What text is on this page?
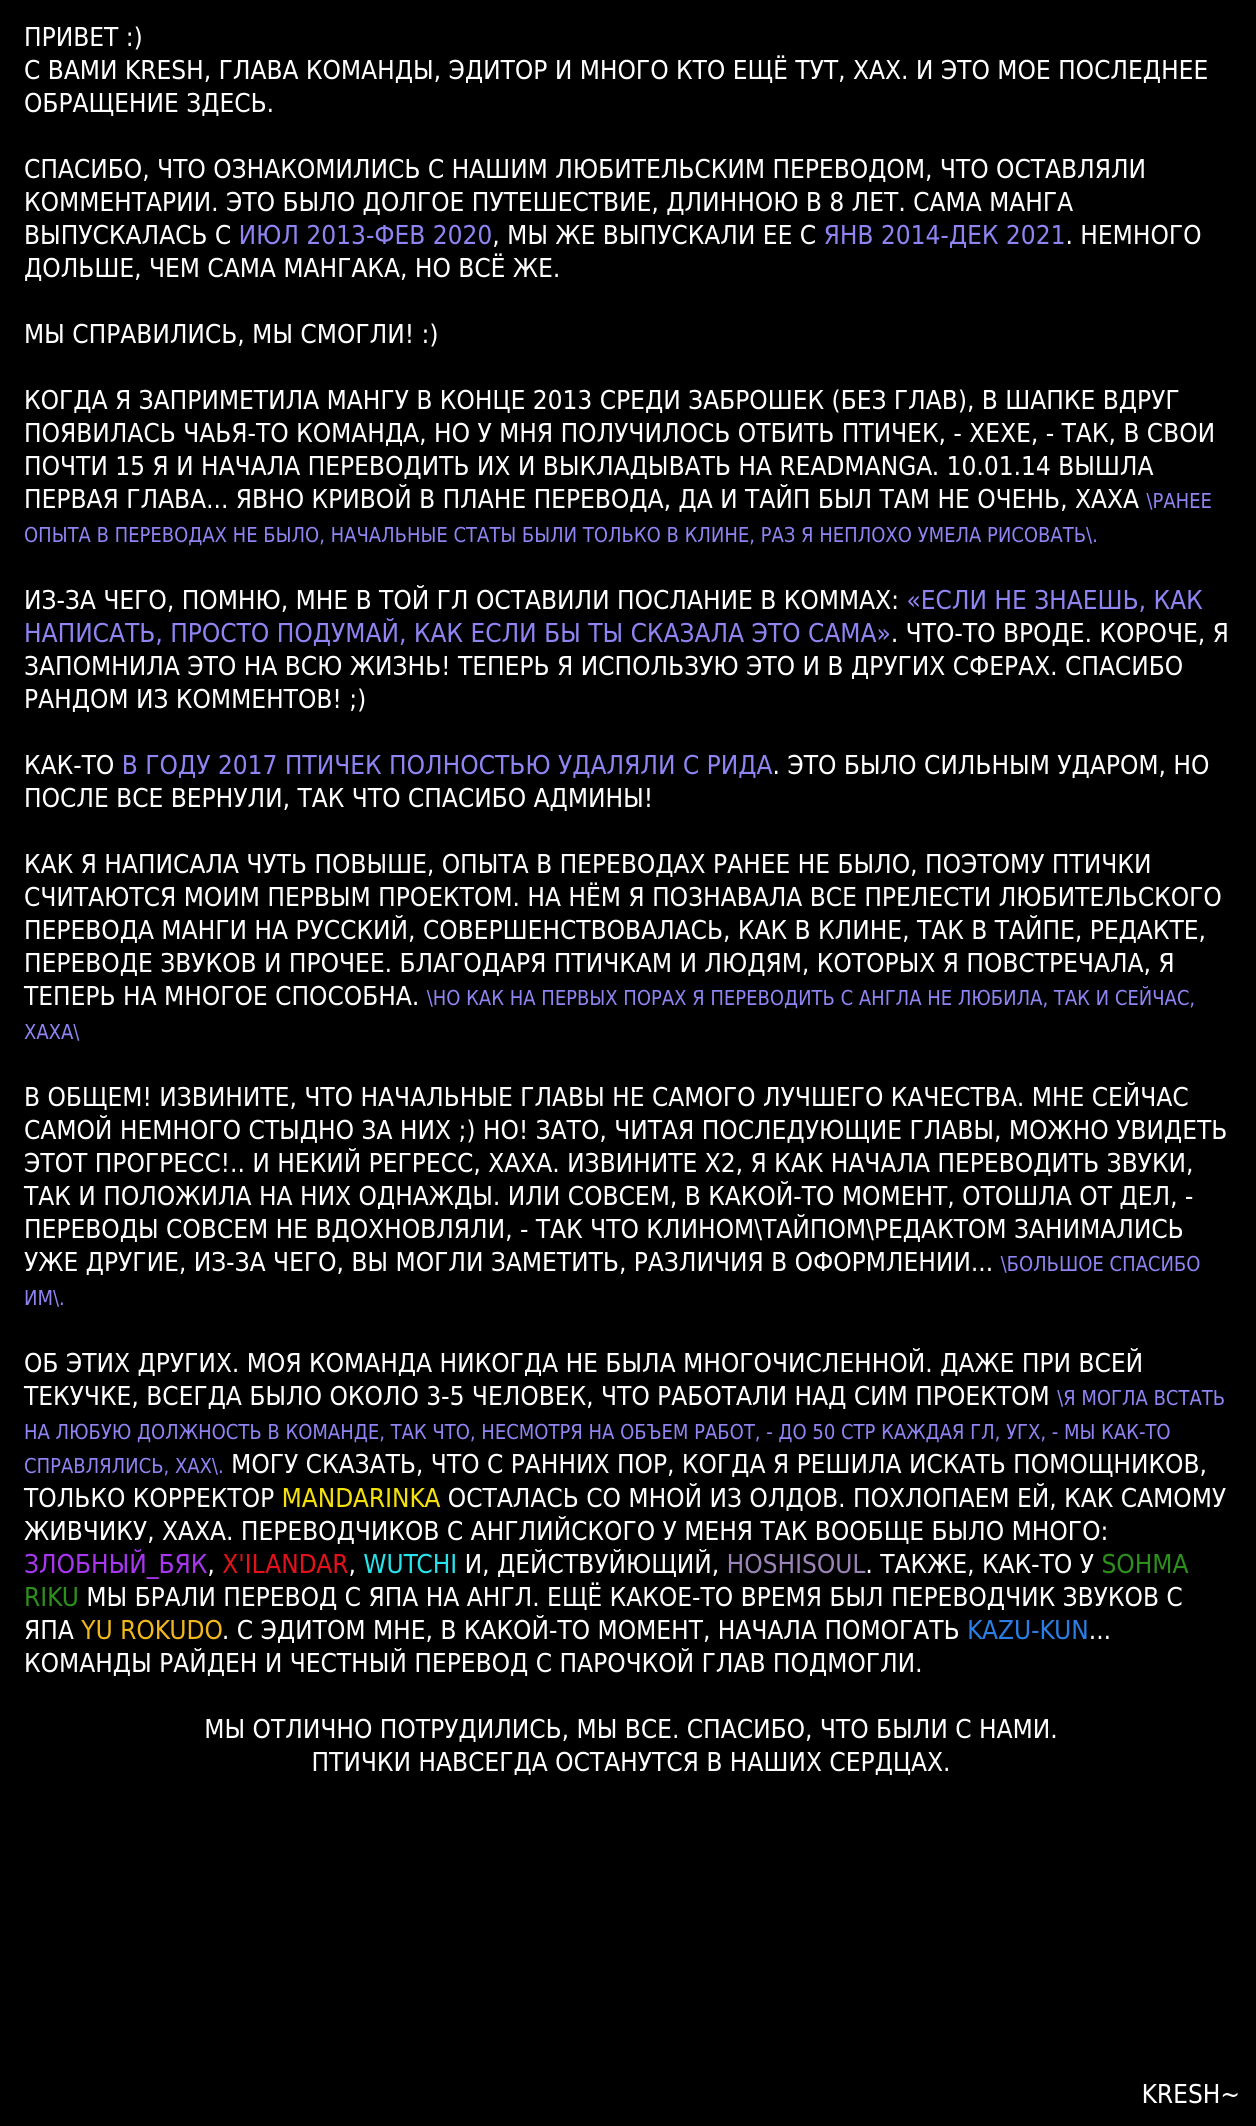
ПРИВЕТ :)
С ВАМИ KRESH, ГЛАВА КОМАНДЫ, ЭДИТОР И МНОГО КТО ЕЩЁ ТУТ, ХАХ. И ЭТО МОЕ ПОСЛЕДНЕЕ ОБРАЩЕНИЕ ЗДЕСЬ.

СПАСИБО, ЧТО ОЗНАКОМИЛИСЬ С НАШИМ ЛЮБИТЕЛЬСКИМ ПЕРЕВОДОМ, ЧТО ОСТАВЛЯЛИ КОММЕНТАРИИ. ЭТО БЫЛО ДОЛГОЕ ПУТЕШЕСТВИЕ, ДЛИННОЮ В 8 ЛЕТ. САМА МАНГА ВЫПУСКАЛАСЬ С ИЮЛ 2013-ФЕВ 2020, МЫ ЖЕ ВЫПУСКАЛИ ЕЕ С ЯНВ 2014-ДЕК 2021. НЕМНОГО ДОЛЬШЕ, ЧЕМ САМА МАНГАКА, НО ВСЁ ЖЕ.

МЫ СПРАВИЛИСЬ, МЫ СМОГЛИ! :)

КОГДА Я ЗАПРИМЕТИЛА МАНГУ В КОНЦЕ 2013 СРЕДИ ЗАБРОШЕК (БЕЗ ГЛАВ), В ШАПКЕ ВДРУГ ПОЯВИЛАСЬ ЧАЬЯ-ТО КОМАНДА, НО У МНЯ ПОЛУЧИЛОСЬ ОТБИТЬ ПТИЧЕК, - ХЕХЕ, - ТАК, В СВОИ ПОЧТИ 15 Я И НАЧАЛА ПЕРЕВОДИТЬ ИХ И ВЫКЛАДЫВАТЬ НА READMANGA. 10.01.14 ВЫШЛА ПЕРВАЯ ГЛАВА... ЯВНО КРИВОЙ В ПЛАНЕ ПЕРЕВОДА, ДА И ТАЙП БЫЛ ТАМ НЕ ОЧЕНЬ, ХАХА \РАНЕЕ ОПЫТА В ПЕРЕВОДАХ НЕ БЫЛО, НАЧАЛЬНЫЕ СТАТЫ БЫЛИ ТОЛЬКО В КЛИНЕ, РАЗ Я НЕПЛОХО УМЕЛА РИСОВАТЬ\.

ИЗ-ЗА ЧЕГО, ПОМНЮ, МНЕ В ТОЙ ГЛ ОСТАВИЛИ ПОСЛАНИЕ В КОММАХ: «ЕСЛИ НЕ ЗНАЕШЬ, КАК НАПИСАТЬ, ПРОСТО ПОДУМАЙ, КАК ЕСЛИ БЫ ТЫ СКАЗАЛА ЭТО САМА». ЧТО-ТО ВРОДЕ. КОРОЧЕ, Я ЗАПОМНИЛА ЭТО НА ВСЮ ЖИЗНЬ! ТЕПЕРЬ Я ИСПОЛЬЗУЮ ЭТО И В ДРУГИХ СФЕРАХ. СПАСИБО РАНДОМ ИЗ КОММЕНТОВ! ;)

КАК-ТО В ГОДУ 2017 ПТИЧЕК ПОЛНОСТЬЮ УДАЛЯЛИ С РИДА. ЭТО БЫЛО СИЛЬНЫМ УДАРОМ, НО ПОСЛЕ ВСЕ ВЕРНУЛИ, ТАК ЧТО СПАСИБО АДМИНЫ!

КАК Я НАПИСАЛА ЧУТЬ ПОВЫШЕ, ОПЫТА В ПЕРЕВОДАХ РАНЕЕ НЕ БЫЛО, ПОЭТОМУ ПТИЧКИ СЧИТАЮТСЯ МОИМ ПЕРВЫМ ПРОЕКТОМ. НА НЁМ Я ПОЗНАВАЛА ВСЕ ПРЕЛЕСТИ ЛЮБИТЕЛЬСКОГО ПЕРЕВОДА МАНГИ НА РУССКИЙ, СОВЕРШЕНСТВОВАЛАСЬ, КАК В КЛИНЕ, ТАК В ТАЙПЕ, РЕДАКТЕ, ПЕРЕВОДЕ ЗВУКОВ И ПРОЧЕЕ. БЛАГОДАРЯ ПТИЧКАМ И ЛЮДЯМ, КОТОРЫХ Я ПОВСТРЕЧАЛА, Я ТЕПЕРЬ НА МНОГОЕ СПОСОБНА. \НО КАК НА ПЕРВЫХ ПОРАХ Я ПЕРЕВОДИТЬ С АНГЛА НЕ ЛЮБИЛА, ТАК И СЕЙЧАС, ХАХА\

В ОБЩЕМ! ИЗВИНИТЕ, ЧТО НАЧАЛЬНЫЕ ГЛАВЫ НЕ САМОГО ЛУЧШЕГО КАЧЕСТВА. МНЕ СЕЙЧАС САМОЙ НЕМНОГО СТЫДНО ЗА НИХ ;) НО! ЗАТО, ЧИТАЯ ПОСЛЕДУЮЩИЕ ГЛАВЫ, МОЖНО УВИДЕТЬ ЭТОТ ПРОГРЕСС!.. И НЕКИЙ РЕГРЕСС, ХАХА. ИЗВИНИТЕ Х2, Я КАК НАЧАЛА ПЕРЕВОДИТЬ ЗВУКИ, ТАК И ПОЛОЖИЛА НА НИХ ОДНАЖДЫ. ИЛИ СОВСЕМ, В КАКОЙ-ТО МОМЕНТ, ОТОШЛА ОТ ДЕЛ, - ПЕРЕВОДЫ СОВСЕМ НЕ ВДОХНОВЛЯЛИ, - ТАК ЧТО КЛИНОМ\ТАЙПОМ\РЕДАКТОМ ЗАНИМАЛИСЬ УЖЕ ДРУГИЕ, ИЗ-ЗА ЧЕГО, ВЫ МОГЛИ ЗАМЕТИТЬ, РАЗЛИЧИЯ В ОФОРМЛЕНИИ... \БОЛЬШОЕ СПАСИБО ИМ\.

ОБ ЭТИХ ДРУГИХ. МОЯ КОМАНДА НИКОГДА НЕ БЫЛА МНОГОЧИСЛЕННОЙ. ДАЖЕ ПРИ ВСЕЙ ТЕКУЧКЕ, ВСЕГДА БЫЛО ОКОЛО 3-5 ЧЕЛОВЕК, ЧТО РАБОТАЛИ НАД СИМ ПРОЕКТОМ \Я МОГЛА ВСТАТЬ НА ЛЮБУЮ ДОЛЖНОСТЬ В КОМАНДЕ, ТАК ЧТО, НЕСМОТРЯ НА ОБЪЕМ РАБОТ, - ДО 50 СТР КАЖДАЯ ГЛ, УГХ, - МЫ КАК-ТО СПРАВЛЯЛИСЬ, ХАХ\. МОГУ СКАЗАТЬ, ЧТО С РАННИХ ПОР, КОГДА Я РЕШИЛА ИСКАТЬ ПОМОЩНИКОВ, ТОЛЬКО КОРРЕКТОР MANDARINKA ОСТАЛАСЬ СО МНОЙ ИЗ ОЛДОВ. ПОХЛОПАЕМ ЕЙ, КАК САМОМУ ЖИВЧИКУ, ХАХА. ПЕРЕВОДЧИКОВ С АНГЛИЙСКОГО У МЕНЯ ТАК ВООБЩЕ БЫЛО МНОГО: ЗЛОБНЫЙ_БЯК, X'ILANDAR, WUTCHI И, ДЕЙСТВУЙЮЩИЙ, HOSHISOUL. ТАКЖЕ, КАК-ТО У SOHMA RIKU МЫ БРАЛИ ПЕРЕВОД С ЯПА НА АНГЛ. ЕЩЁ КАКОЕ-ТО ВРЕМЯ БЫЛ ПЕРЕВОДЧИК ЗВУКОВ С ЯПА YU ROKUDO. С ЭДИТОМ МНЕ, В КАКОЙ-ТО МОМЕНТ, НАЧАЛА ПОМОГАТЬ KAZU-KUN... КОМАНДЫ РАЙДЕН И ЧЕСТНЫЙ ПЕРЕВОД С ПАРОЧКОЙ ГЛАВ ПОДМОГЛИ.

МЫ ОТЛИЧНО ПОТРУДИЛИСЬ, МЫ ВСЕ. СПАСИБО, ЧТО БЫЛИ С НАМИ.
ПТИЧКИ НАВСЕГДА ОСТАНУТСЯ В НАШИХ СЕРДЦАХ.

KRESH~
